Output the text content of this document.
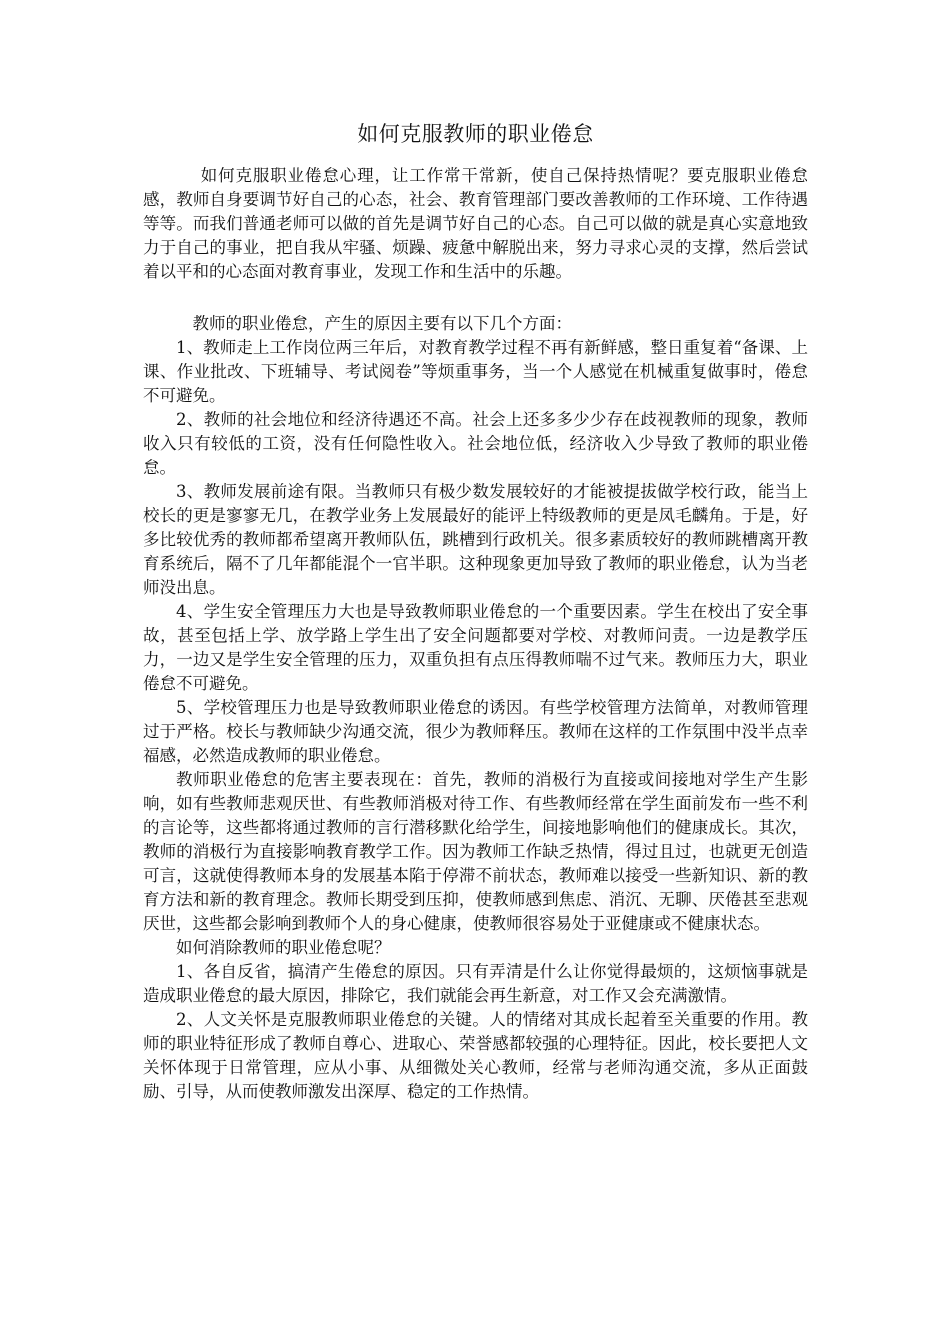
如何克服教师的职业倦怠

如何克服职业倦怠心理，让工作常干常新，使自己保持热情呢？要克服职业倦怠感，教师自身要调节好自己的心态，社会、教育管理部门要改善教师的工作环境、工作待遇等等。而我们普通老师可以做的首先是调节好自己的心态。自己可以做的就是真心实意地致力于自己的事业，把自我从牢骚、烦躁、疲惫中解脱出来，努力寻求心灵的支撑，然后尝试着以平和的心态面对教育事业，发现工作和生活中的乐趣。

教师的职业倦怠，产生的原因主要有以下几个方面：

1、教师走上工作岗位两三年后，对教育教学过程不再有新鲜感，整日重复着“备课、上课、作业批改、下班辅导、考试阅卷”等烦重事务，当一个人感觉在机械重复做事时，倦怠不可避免。

2、教师的社会地位和经济待遇还不高。社会上还多多少少存在歧视教师的现象，教师收入只有较低的工资，没有任何隐性收入。社会地位低，经济收入少导致了教师的职业倦怠。

3、教师发展前途有限。当教师只有极少数发展较好的才能被提拔做学校行政，能当上校长的更是寥寥无几，在教学业务上发展最好的能评上特级教师的更是凤毛麟角。于是，好多比较优秀的教师都希望离开教师队伍，跳槽到行政机关。很多素质较好的教师跳槽离开教育系统后，隔不了几年都能混个一官半职。这种现象更加导致了教师的职业倦怠，认为当老师没出息。

4、学生安全管理压力大也是导致教师职业倦怠的一个重要因素。学生在校出了安全事故，甚至包括上学、放学路上学生出了安全问题都要对学校、对教师问责。一边是教学压力，一边又是学生安全管理的压力，双重负担有点压得教师喘不过气来。教师压力大，职业倦怠不可避免。

5、学校管理压力也是导致教师职业倦怠的诱因。有些学校管理方法简单，对教师管理过于严格。校长与教师缺少沟通交流，很少为教师释压。教师在这样的工作氛围中没半点幸福感，必然造成教师的职业倦怠。

教师职业倦怠的危害主要表现在：首先，教师的消极行为直接或间接地对学生产生影响，如有些教师悲观厌世、有些教师消极对待工作、有些教师经常在学生面前发布一些不利的言论等，这些都将通过教师的言行潜移默化给学生，间接地影响他们的健康成长。其次，教师的消极行为直接影响教育教学工作。因为教师工作缺乏热情，得过且过，也就更无创造可言，这就使得教师本身的发展基本陷于停滞不前状态，教师难以接受一些新知识、新的教育方法和新的教育理念。教师长期受到压抑，使教师感到焦虑、消沉、无聊、厌倦甚至悲观厌世，这些都会影响到教师个人的身心健康，使教师很容易处于亚健康或不健康状态。

如何消除教师的职业倦怠呢？

1、各自反省，搞清产生倦怠的原因。只有弄清是什么让你觉得最烦的，这烦恼事就是造成职业倦怠的最大原因，排除它，我们就能会再生新意，对工作又会充满激情。

2、人文关怀是克服教师职业倦怠的关键。人的情绪对其成长起着至关重要的作用。教师的职业特征形成了教师自尊心、进取心、荣誉感都较强的心理特征。因此，校长要把人文关怀体现于日常管理，应从小事、从细微处关心教师，经常与老师沟通交流，多从正面鼓励、引导，从而使教师激发出深厚、稳定的工作热情。
